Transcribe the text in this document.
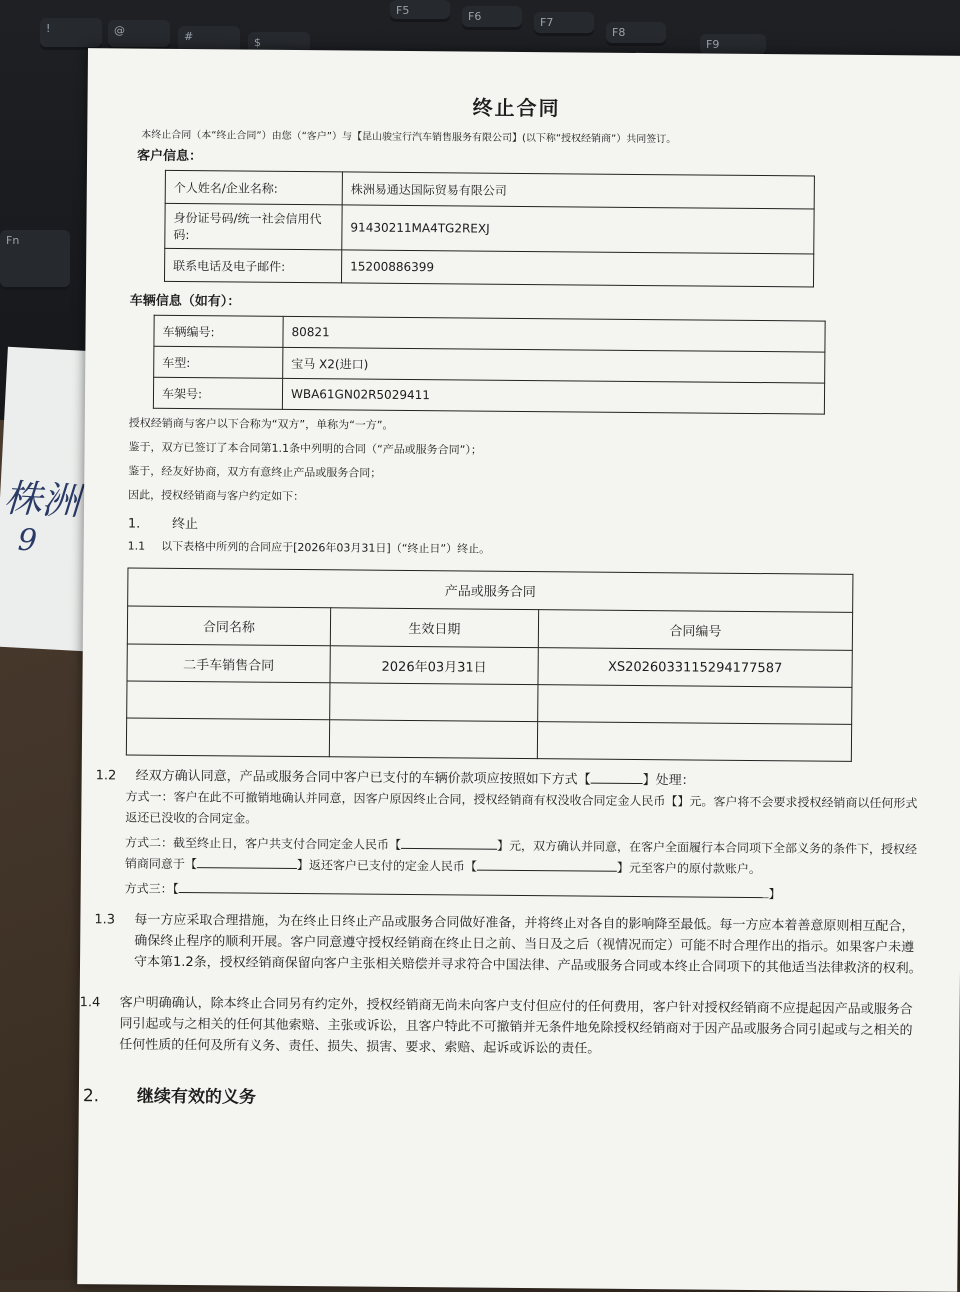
F5	F6	F7
F8
F9
Fn
@	#	$
!
株洲
9
终止合同
本终止合同（本“终止合同”）由您（“客户”）与【昆山骏宝行汽车销售服务有限公司】(以下称“授权经销商”）共同签订。
客户信息：
个人姓名/企业名称:	株洲易通达国际贸易有限公司
身份证号码/统一社会信用代码:	91430211MA4TG2REXJ
联系电话及电子邮件:	15200886399
车辆信息（如有）：
车辆编号:	80821
车型:	宝马 X2(进口)
车架号:	WBA61GN02R5029411
授权经销商与客户以下合称为“双方”，单称为“一方”。
鉴于，双方已签订了本合同第1.1条中列明的合同（“产品或服务合同”）；
鉴于，经友好协商，双方有意终止产品或服务合同；
因此，授权经销商与客户约定如下：
1. 终止
1.1 以下表格中所列的合同应于[2026年03月31日]（“终止日”）终止。
产品或服务合同		
合同名称	生效日期	合同编号
二手车销售合同	2026年03月31日	XS2026033115294177587

1.2 经双方确认同意，产品或服务合同中客户已支付的车辆价款项应按照如下方式【	】处理：
方式一：客户在此不可撤销地确认并同意，因客户原因终止合同，授权经销商有权没收合同定金人民币【】元。客户将不会要求授权经销商以任何形式返还已没收的合同定金。
方式二：截至终止日，客户共支付合同定金人民币【	】元，双方确认并同意，在客户全面履行本合同项下全部义务的条件下，授权经销商同意于【	】返还客户已支付的定金人民币【	】元至客户的原付款账户。
方式三：【	】
1.3	每一方应采取合理措施，为在终止日终止产品或服务合同做好准备，并将终止对各自的影响降至最低。每一方应本着善意原则相互配合，确保终止程序的顺利开展。客户同意遵守授权经销商在终止日之前、当日及之后（视情况而定）可能不时合理作出的指示。如果客户未遵守本第1.2条，授权经销商保留向客户主张相关赔偿并寻求符合中国法律、产品或服务合同或本终止合同项下的其他适当法律救济的权利。
1.4	客户明确确认，除本终止合同另有约定外，授权经销商无尚未向客户支付但应付的任何费用，客户针对授权经销商不应提起因产品或服务合同引起或与之相关的任何其他索赔、主张或诉讼，且客户特此不可撤销并无条件地免除授权经销商对于因产品或服务合同引起或与之相关的任何性质的任何及所有义务、责任、损失、损害、要求、索赔、起诉或诉讼的责任。
2. 继续有效的义务
